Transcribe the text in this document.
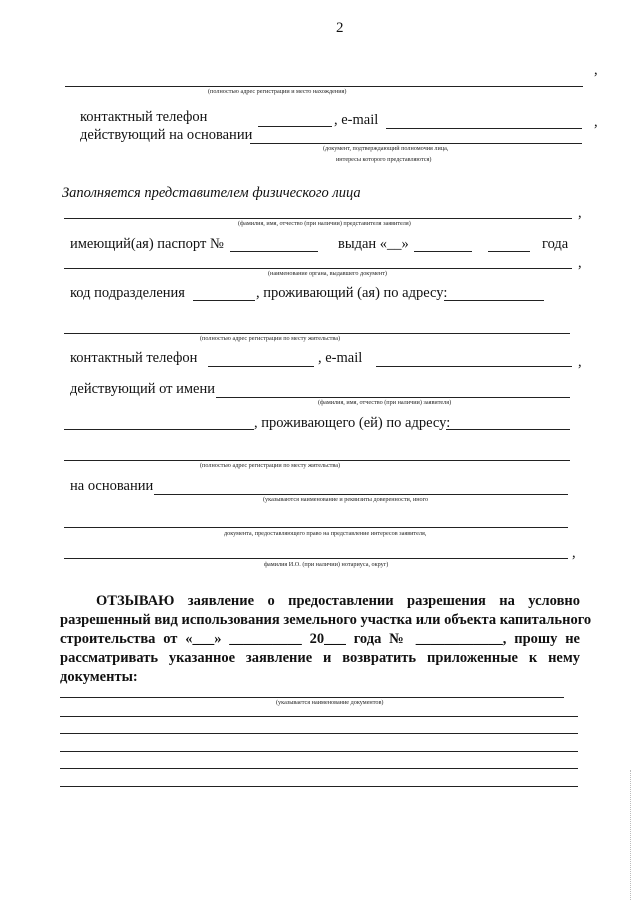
2
,
(полностью адрес регистрации и место нахождения)
контактный телефон	, e-mail	,
действующий на основании
(документ, подтверждающий полномочия лица,
интересы которого представляются)
Заполняется представителем физического лица
,
(фамилия, имя, отчество (при наличии) представителя заявителя)
имеющий(ая) паспорт №	выдан «__»	года
,
(наименование органа, выдавшего документ)
код подразделения	, проживающий (ая) по адресу:
(полностью адрес регистрации по месту жительства)
контактный телефон	, e-mail	,
действующий от имени
(фамилия, имя, отчество (при наличии) заявителя)
, проживающего (ей) по адресу:
(полностью адрес регистрации по месту жительства)
на основании
(указываются наименование и реквизиты доверенности, иного
документа, предоставляющего право на представление интересов заявителя,
,
фамилия И.О. (при наличии) нотариуса, округ)
ОТЗЫВАЮ заявление о предоставлении разрешения на условно
разрешенный вид использования земельного участка или объекта капитального
строительства от «___» __________ 20___ года № ____________, прошу не
рассматривать указанное заявление и возвратить приложенные к нему
документы:
(указывается наименование документов)
